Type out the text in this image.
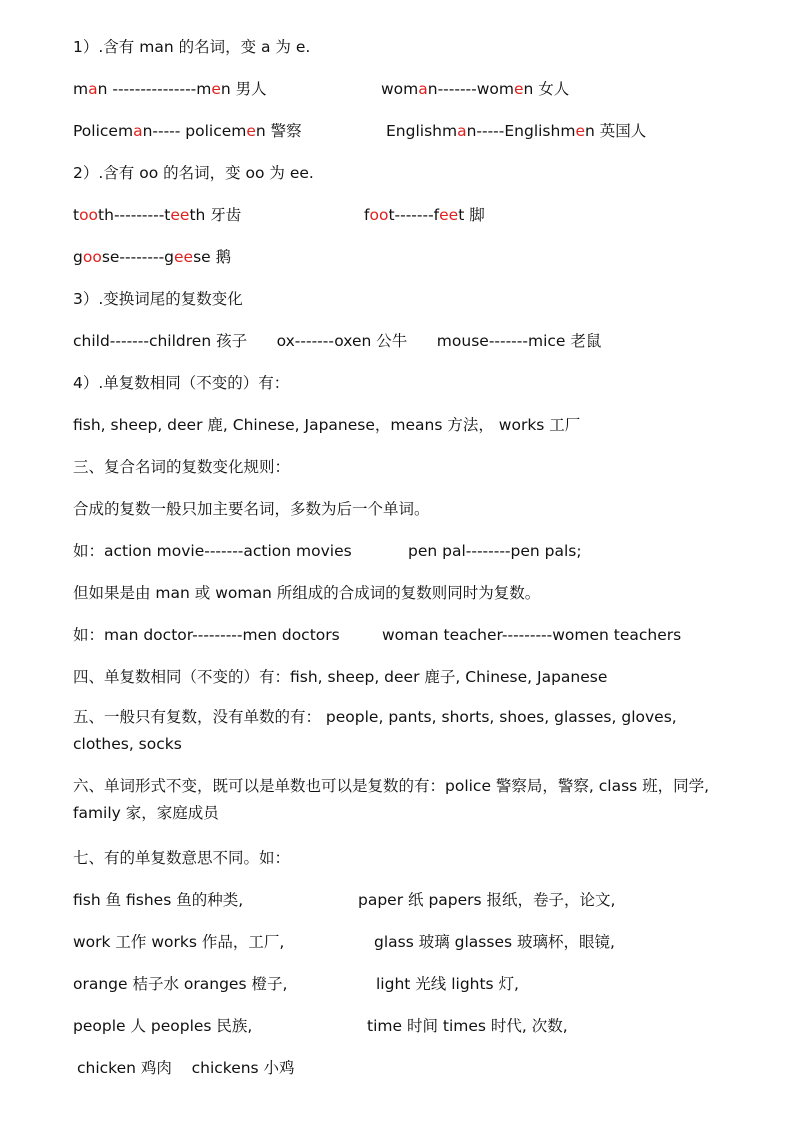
1）.含有 man 的名词，变 a 为 e.
man ---------------men 男人	woman-------women 女人
Policeman----- policemen 警察	Englishman-----Englishmen 英国人
2）.含有 oo 的名词，变 oo 为 ee.
tooth---------teeth 牙齿	foot-------feet 脚
goose--------geese 鹅
3）.变换词尾的复数变化
child-------children 孩子      ox-------oxen 公牛      mouse-------mice 老鼠
4）.单复数相同（不变的）有：
fish, sheep, deer 鹿, Chinese, Japanese，means 方法， works 工厂
三、复合名词的复数变化规则：
合成的复数一般只加主要名词，多数为后一个单词。
如：action movie-------action movies	pen pal--------pen pals;
但如果是由 man 或 woman 所组成的合成词的复数则同时为复数。
如：man doctor---------men doctors	woman teacher---------women teachers
四、单复数相同（不变的）有：fish, sheep, deer 鹿子, Chinese, Japanese
五、一般只有复数，没有单数的有： people, pants, shorts, shoes, glasses, gloves, clothes, socks
六、单词形式不变，既可以是单数也可以是复数的有：police 警察局，警察, class 班，同学, family 家，家庭成员
七、有的单复数意思不同。如：
fish 鱼 fishes 鱼的种类,	paper 纸 papers 报纸，卷子，论文,
work 工作 works 作品，工厂,	glass 玻璃 glasses 玻璃杯，眼镜,
orange 桔子水 oranges 橙子,	light 光线 lights 灯,
people 人 peoples 民族,	time 时间 times 时代, 次数,
chicken 鸡肉    chickens 小鸡
